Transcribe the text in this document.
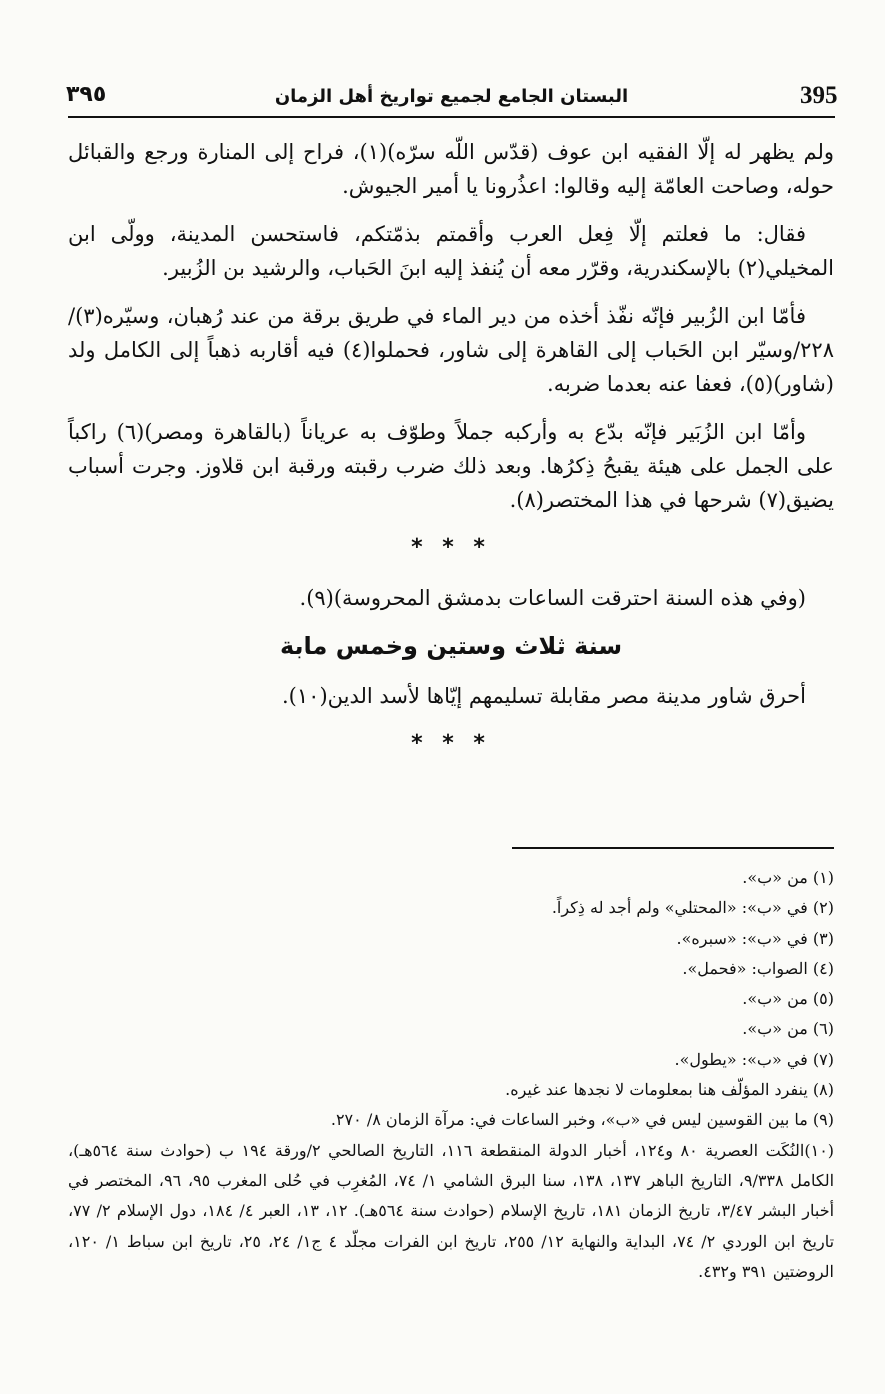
٣٩٥	البستان الجامع لجميع تواريخ أهل الزمان	395

ولم يظهر له إلّا الفقيه ابن عوف (قدّس اللّه سرّه)(١)، فراح إلى المنارة ورجع والقبائل حوله، وصاحت العامّة إليه وقالوا: اعذُرونا يا أمير الجيوش.

فقال: ما فعلتم إلّا فِعل العرب وأقمتم بذمّتكم، فاستحسن المدينة، وولّى ابن المخيلي(٢) بالإسكندرية، وقرّر معه أن يُنفذ إليه ابنَ الحَباب، والرشيد بن الزُبير.

فأمّا ابن الزُبير فإنّه نفّذ أخذه من دير الماء في طريق برقة من عند رُهبان، وسيّره(٣)/٢٢٨/وسيّر ابن الحَباب إلى القاهرة إلى شاور، فحملوا(٤) فيه أقاربه ذهباً إلى الكامل ولد (شاور)(٥)، فعفا عنه بعدما ضربه.

وأمّا ابن الزُبَير فإنّه بدّع به وأركبه جملاً وطوّف به عرياناً (بالقاهرة ومصر)(٦) راكباً على الجمل على هيئة يقبحُ ذِكرُها. وبعد ذلك ضرب رقبته ورقبة ابن قلاوز. وجرت أسباب يضيق(٧) شرحها في هذا المختصر(٨).

* * *

(وفي هذه السنة احترقت الساعات بدمشق المحروسة)(٩).

سنة ثلاث وستين وخمس مابة

أحرق شاور مدينة مصر مقابلة تسليمهم إيّاها لأسد الدين(١٠).

* * *

(١) من «ب».

(٢) في «ب»: «المحتلي» ولم أجد له ذِكراً.

(٣) في «ب»: «سبره».

(٤) الصواب: «فحمل».

(٥) من «ب».

(٦) من «ب».

(٧) في «ب»: «يطول».

(٨) ينفرد المؤلّف هنا بمعلومات لا نجدها عند غيره.

(٩) ما بين القوسين ليس في «ب»، وخبر الساعات في: مرآة الزمان ٨/ ٢٧٠.

(١٠)النُكَت العصرية ٨٠ و١٢٤، أخبار الدولة المنقطعة ١١٦، التاريخ الصالحي ٢/ورقة ١٩٤ ب (حوادث سنة ٥٦٤هـ)، الكامل ٩/٣٣٨، التاريخ الباهر ١٣٧، ١٣٨، سنا البرق الشامي ١/ ٧٤، المُغرِب في حُلى المغرب ٩٥، ٩٦، المختصر في أخبار البشر ٣/٤٧، تاريخ الزمان ١٨١، تاريخ الإسلام (حوادث سنة ٥٦٤هـ). ١٢، ١٣، العبر ٤/ ١٨٤، دول الإسلام ٢/ ٧٧، تاريخ ابن الوردي ٢/ ٧٤، البداية والنهاية ١٢/ ٢٥٥، تاريخ ابن الفرات مجلّد ٤ ج١/ ٢٤، ٢٥، تاريخ ابن سباط ١/ ١٢٠، الروضتين ٣٩١ و٤٣٢.
